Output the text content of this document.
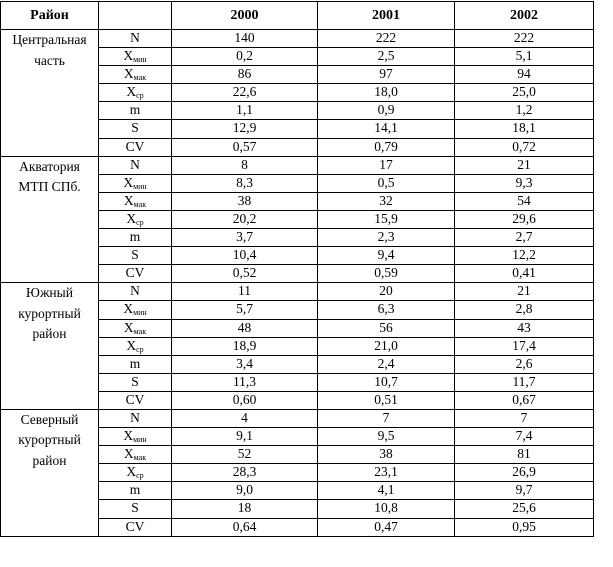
Район		2000	2001	2002

Центральная
часть	N	140	222	222
	$X_{мин}$	0,2	2,5	5,1
	$X_{мак}$	86	97	94
	$X_{ср}$	22,6	18,0	25,0
	m	1,1	0,9	1,2
	S	12,9	14,1	18,1
	CV	0,57	0,79	0,72

Акватория
МТП СПб.	N	8	17	21
	$X_{мин}$	8,3	0,5	9,3
	$X_{мак}$	38	32	54
	$X_{ср}$	20,2	15,9	29,6
	m	3,7	2,3	2,7
	S	10,4	9,4	12,2
	CV	0,52	0,59	0,41

Южный
курортный
район	N	11	20	21
	$X_{мин}$	5,7	6,3	2,8
	$X_{мак}$	48	56	43
	$X_{ср}$	18,9	21,0	17,4
	m	3,4	2,4	2,6
	S	11,3	10,7	11,7
	CV	0,60	0,51	0,67

Северный
курортный
район	N	4	7	7
	$X_{мин}$	9,1	9,5	7,4
	$X_{мак}$	52	38	81
	$X_{ср}$	28,3	23,1	26,9
	m	9,0	4,1	9,7
	S	18	10,8	25,6
	CV	0,64	0,47	0,95
